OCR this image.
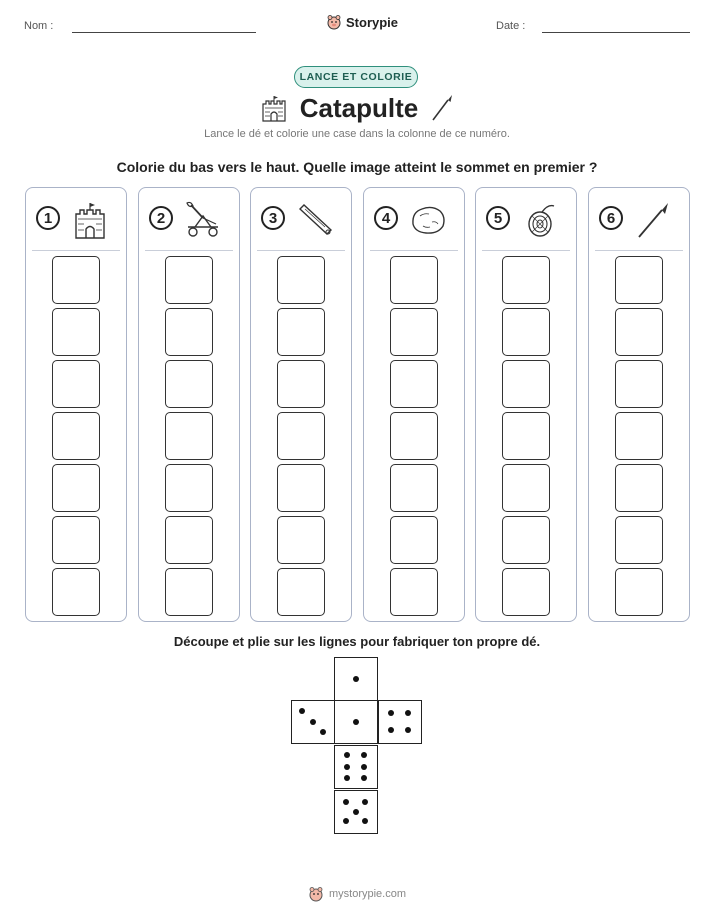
Nom :	Storypie	Date :
LANCE ET COLORIE
Catapulte
Lance le dé et colorie une case dans la colonne de ce numéro.
Colorie du bas vers le haut. Quelle image atteint le sommet en premier ?
1	2	3	4	5	6
Découpe et plie sur les lignes pour fabriquer ton propre dé.
mystorypie.com
